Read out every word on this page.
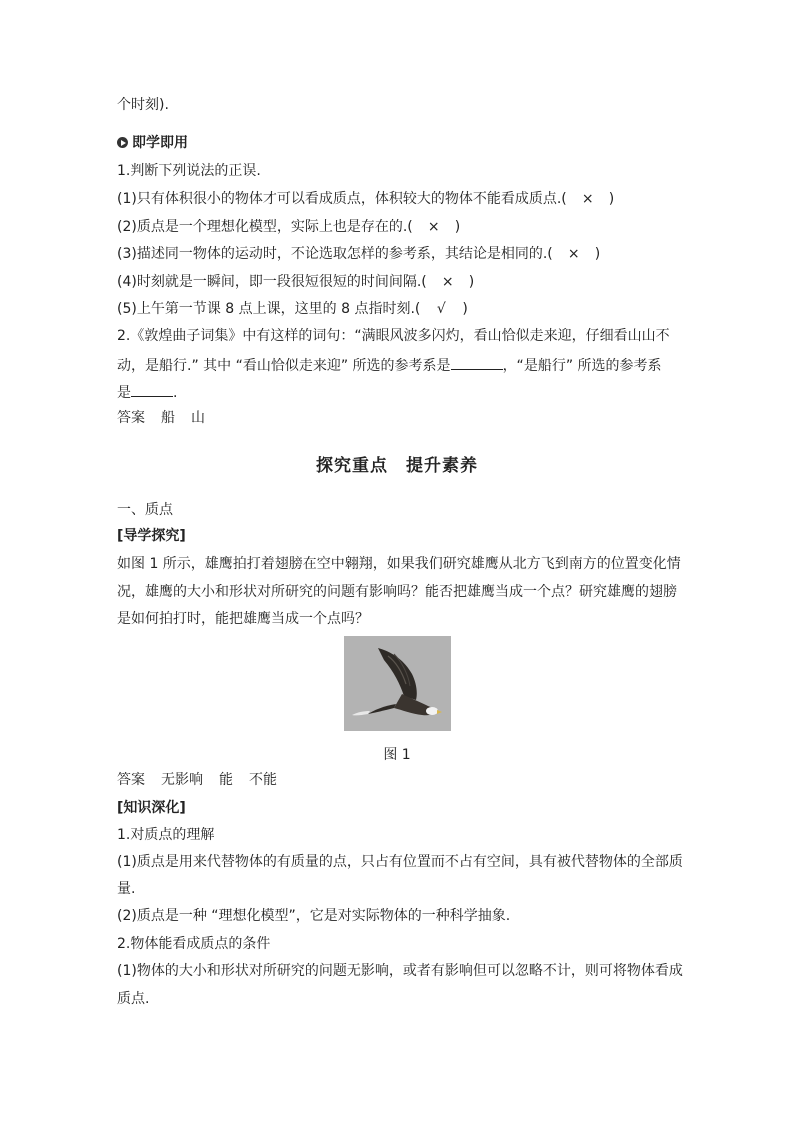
个时刻).
即学即用
1.判断下列说法的正误.
(1)只有体积很小的物体才可以看成质点，体积较大的物体不能看成质点.( × )
(2)质点是一个理想化模型，实际上也是存在的.( × )
(3)描述同一物体的运动时，不论选取怎样的参考系，其结论是相同的.( × )
(4)时刻就是一瞬间，即一段很短很短的时间间隔.( × )
(5)上午第一节课 8 点上课，这里的 8 点指时刻.( √ )
2.《敦煌曲子词集》中有这样的词句：“满眼风波多闪灼，看山恰似走来迎，仔细看山山不
动，是船行.” 其中 “看山恰似走来迎” 所选的参考系是	，“是船行” 所选的参考系
是	.
答案 船 山
探究重点 提升素养
一、质点
[导学探究]
如图 1 所示，雄鹰拍打着翅膀在空中翱翔，如果我们研究雄鹰从北方飞到南方的位置变化情
况，雄鹰的大小和形状对所研究的问题有影响吗？能否把雄鹰当成一个点？研究雄鹰的翅膀
是如何拍打时，能把雄鹰当成一个点吗？
图 1
答案 无影响 能 不能
[知识深化]
1.对质点的理解
(1)质点是用来代替物体的有质量的点，只占有位置而不占有空间，具有被代替物体的全部质
量.
(2)质点是一种 “理想化模型”，它是对实际物体的一种科学抽象.
2.物体能看成质点的条件
(1)物体的大小和形状对所研究的问题无影响，或者有影响但可以忽略不计，则可将物体看成
质点.
